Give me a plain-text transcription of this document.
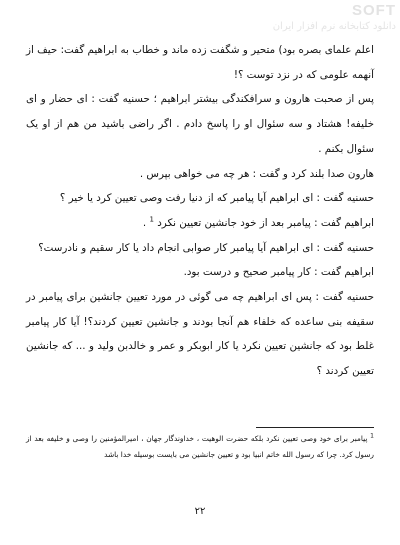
SOFT
دانلود کتابخانه نرم افزار ایران

اعلم علمای بصره بود) متحیر و شگفت زده ماند و خطاب به ابراهیم گفت: حیف از آنهمه علومی که در نزد توست ؟!

پس از صحبت هارون و سرافکندگی بیشتر ابراهیم ؛ حسنیه گفت : ای حضار و ای خلیفه! هشتاد و سه سئوال او را پاسخ دادم . اگر راضی باشید من هم از او یک سئوال بکنم .

هارون صدا بلند کرد و گفت : هر چه می خواهی بپرس .

حسنیه گفت : ای ابراهیم آیا پیامبر که از دنیا رفت وصی تعیین کرد یا خیر ؟

ابراهیم گفت : پیامبر بعد از خود جانشین تعیین نکرد $^1$ .

حسنیه گفت : ای ابراهیم آیا پیامبر کار صوابی انجام داد یا کار سقیم و نادرست؟

ابراهیم گفت : کار پیامبر صحیح و درست بود.

حسنیه گفت : پس ای ابراهیم چه می گوئی در مورد تعیین جانشین برای پیامبر در سقیفه بنی ساعده که خلفاء هم آنجا بودند و جانشین تعیین کردند؟! آیا کار پیامبر غلط بود که جانشین تعیین نکرد یا کار ابوبکر و عمر و خالدبن ولید و ... که جانشین تعیین کردند ؟

$^1$ پیامبر برای خود وصی تعیین نکرد بلکه حضرت الوهیت ، خداوندگار جهان ، امیرالمؤمنین را وصی و خلیفه بعد از رسول کرد. چرا که رسول الله خاتم انبیا بود و تعیین جانشین می بایست بوسیله خدا باشد
۲۲
